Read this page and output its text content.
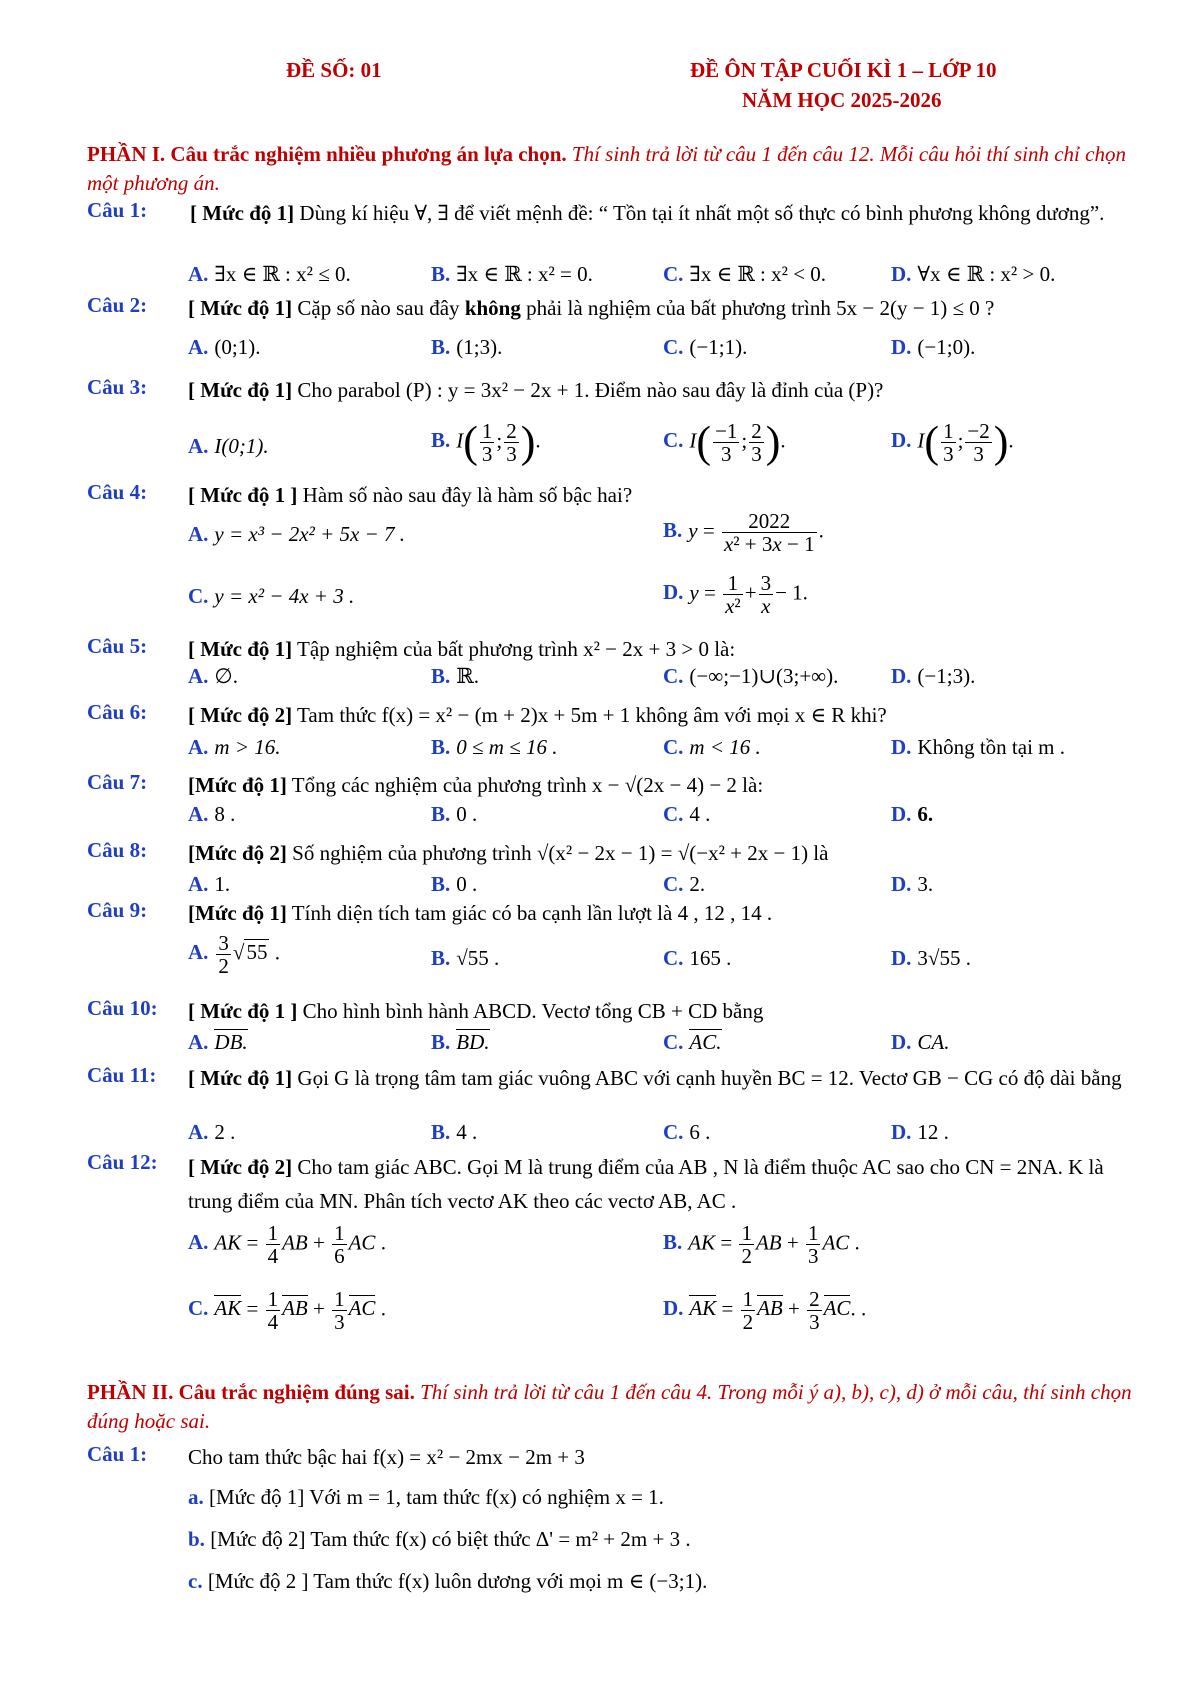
ĐỀ SỐ: 01	ĐỀ ÔN TẬP CUỐI KÌ 1 – LỚP 10
NĂM HỌC 2025-2026
PHẦN I. Câu trắc nghiệm nhiều phương án lựa chọn. Thí sinh trả lời từ câu 1 đến câu 12. Mỗi câu hỏi thí sinh chỉ chọn một phương án.
Câu 1: [ Mức độ 1] Dùng kí hiệu ∀, ∃ để viết mệnh đề: “ Tồn tại ít nhất một số thực có bình phương không dương”.
A. ∃x ∈ ℝ : x² ≤ 0.	B. ∃x ∈ ℝ : x² = 0.	C. ∃x ∈ ℝ : x² < 0.	D. ∀x ∈ ℝ : x² > 0.
Câu 2: [ Mức độ 1] Cặp số nào sau đây không phải là nghiệm của bất phương trình 5x − 2(y − 1) ≤ 0 ?
A. (0;1).	B. (1;3).	C. (−1;1).	D. (−1;0).
Câu 3: [ Mức độ 1] Cho parabol (P) : y = 3x² − 2x + 1. Điểm nào sau đây là đỉnh của (P)?
A. I(0;1).	B. $I( \frac{1}{3}$ ; $\frac{2}{3}$ ).	C. $I( \frac{-1}{3}$ ; $\frac{2}{3}$ ).	D. $I( \frac{1}{3}$ ; $\frac{-2}{3}$ ).
Câu 4: [ Mức độ 1 ] Hàm số nào sau đây là hàm số bậc hai?
A. y = x³ − 2x² + 5x − 7 .	B. $y = \frac{2022}{\text{x² + 3x − 1}}$ .
C. y = x² − 4x + 3 .	D. $y = \frac{1}{\text{x²}} + \frac{3}{x} - 1$.
Câu 5: [ Mức độ 1] Tập nghiệm của bất phương trình x² − 2x + 3 > 0 là:
A. ∅.	B. ℝ.	C. (−∞;−1)∪(3;+∞).	D. (−1;3).
Câu 6: [ Mức độ 2] Tam thức f(x) = x² − (m + 2)x + 5m + 1 không âm với mọi x ∈ R khi?
A. m > 16.	B. 0 ≤ m ≤ 16 .	C. m < 16 .	D. Không tồn tại m .
Câu 7: [Mức độ 1] Tổng các nghiệm của phương trình x − √(2x − 4) − 2 là:
A. 8 .	B. 0 .	C. 4 .	D. 6.
Câu 8: [Mức độ 2] Số nghiệm của phương trình √(x² − 2x − 1) = √(−x² + 2x − 1) là
A. 1.	B. 0 .	C. 2.	D. 3.
Câu 9: [Mức độ 1] Tính diện tích tam giác có ba cạnh lần lượt là 4 , 12 , 14 .
A. $\frac{3}{2} √55$ .	B. √55 .	C. 165 .	D. 3√55 .
Câu 10: [ Mức độ 1 ] Cho hình bình hành ABCD. Vectơ tổng CB + CD bằng
A. DB.	B. BD.	C. AC.	D. CA.
Câu 11: [ Mức độ 1] Gọi G là trọng tâm tam giác vuông ABC với cạnh huyền BC = 12. Vectơ GB − CG có độ dài bằng
A. 2 .	B. 4 .	C. 6 .	D. 12 .
Câu 12: [ Mức độ 2] Cho tam giác ABC. Gọi M là trung điểm của AB , N là điểm thuộc AC sao cho CN = 2NA. K là trung điểm của MN. Phân tích vectơ AK theo các vectơ AB, AC .
A. AK = $\frac{1}{4}$ AB + $\frac{1}{6}$ AC .	B. AK = $\frac{1}{2}$ AB + $\frac{1}{3}$ AC .
C. AK = $\frac{1}{4}$ AB + $\frac{1}{3}$ AC .	D. AK = $\frac{1}{2}$ AB + $\frac{2}{3}$ AC. .
PHẦN II. Câu trắc nghiệm đúng sai. Thí sinh trả lời từ câu 1 đến câu 4. Trong mỗi ý a), b), c), d) ở mỗi câu, thí sinh chọn đúng hoặc sai.
Câu 1: Cho tam thức bậc hai f(x) = x² − 2mx − 2m + 3
a. [Mức độ 1] Với m = 1, tam thức f(x) có nghiệm x = 1.
b. [Mức độ 2] Tam thức f(x) có biệt thức Δ' = m² + 2m + 3 .
c. [Mức độ 2 ] Tam thức f(x) luôn dương với mọi m ∈ (−3;1).
